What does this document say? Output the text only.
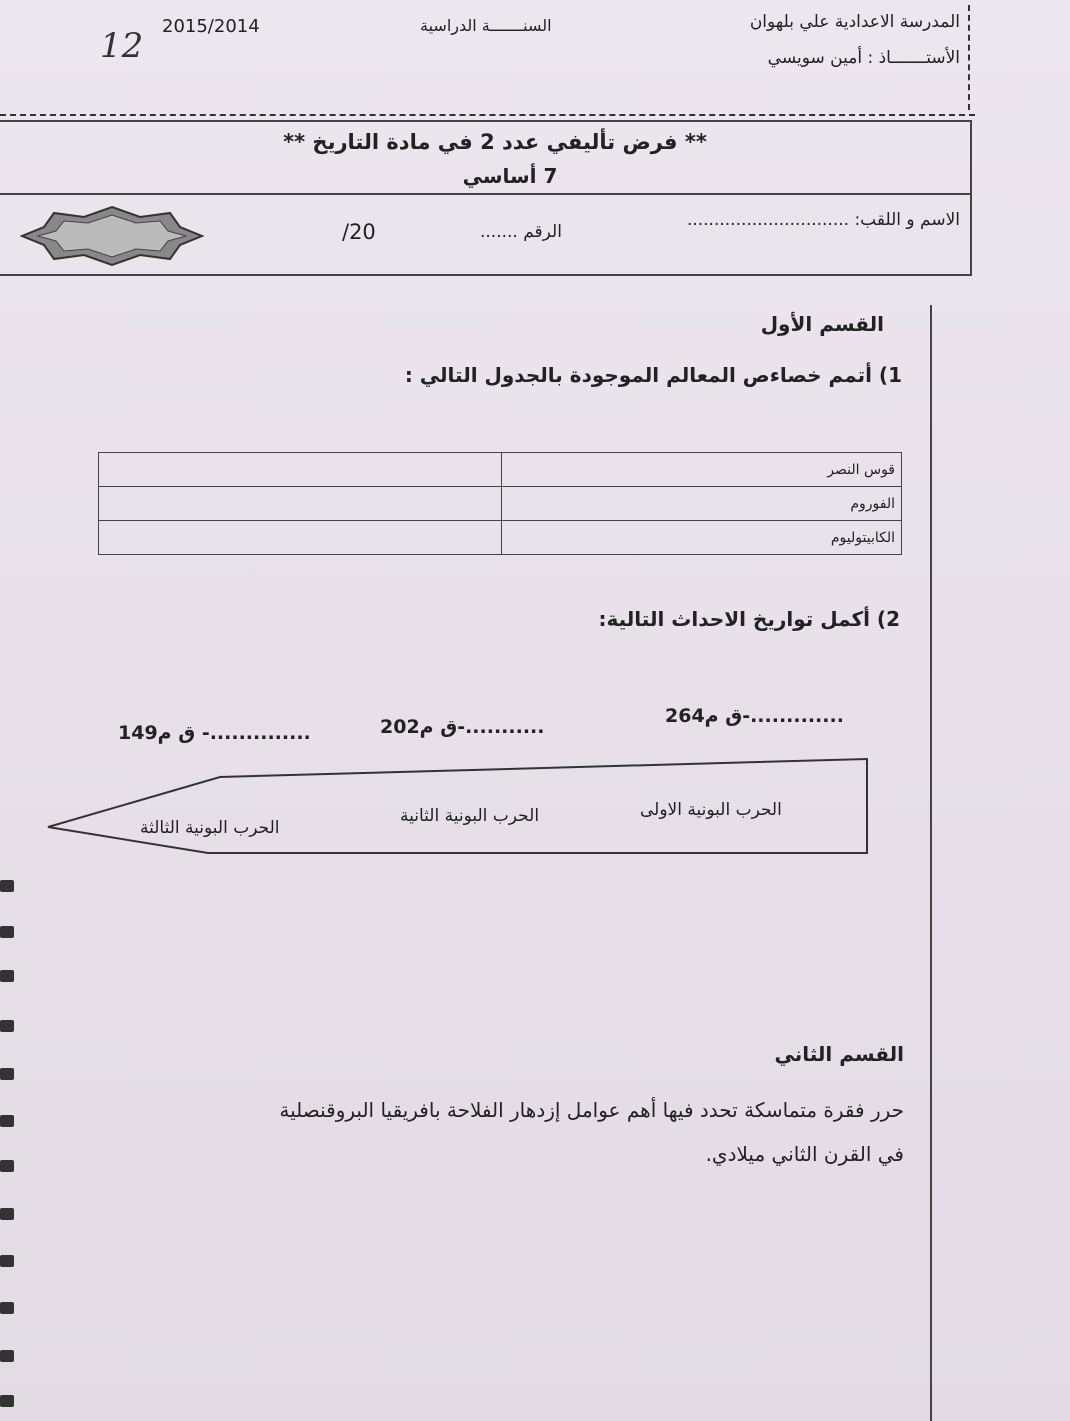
المدرسة الاعدادية علي بلهوان
الأستـــــــاذ : أمين سويسي
السنـــــــة الدراسية
2015/2014
12
** فرض تأليفي عدد 2 في مادة التاريخ **
7 أساسي
الاسم و اللقب: ..............................
الرقم .......
/20
القسم الأول
1) أتمم خصاءص المعالم الموجودة بالجدول التالي :
	قوس النصر
	الفوروم
	الكابيتوليوم
2) أكمل تواريخ الاحداث التالية:
264ق م-.............
202ق م-...........
149ق م -..............
الحرب البونية الاولى
الحرب البونية الثانية
الحرب البونية الثالثة
القسم الثاني
حرر فقرة متماسكة تحدد فيها أهم عوامل إزدهار الفلاحة بافريقيا البروقنصلية
في القرن الثاني ميلادي.
